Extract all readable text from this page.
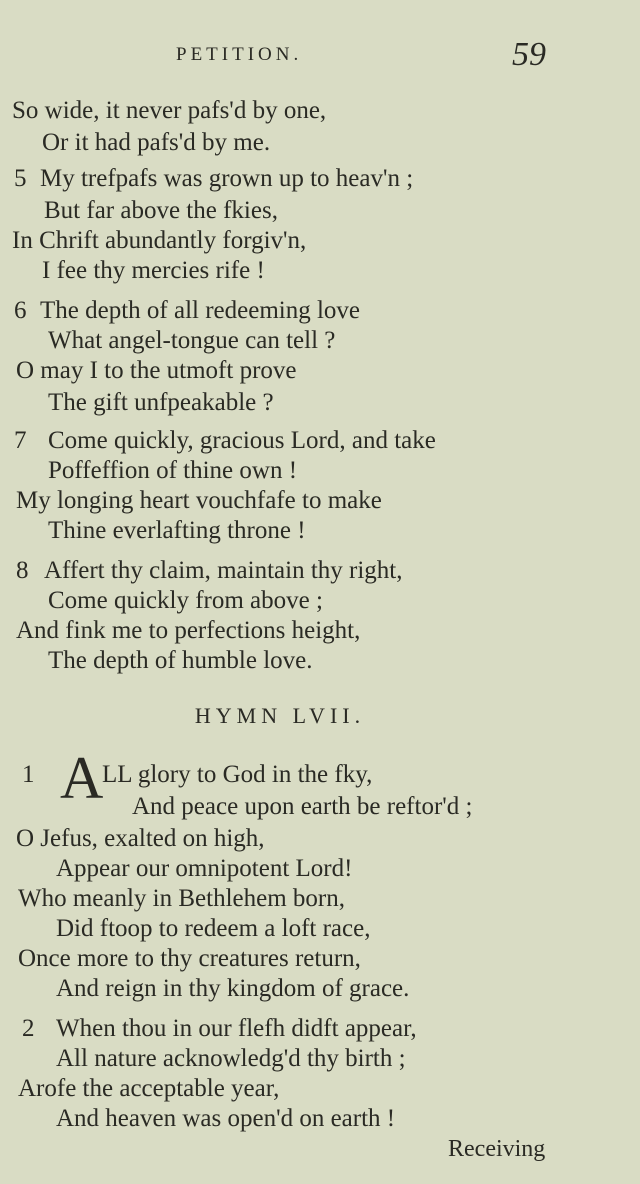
PETITION.	59
So wide, it never pafs'd by one,
Or it had pafs'd by me.
5 My trefpafs was grown up to heav'n ;
But far above the fkies,
In Chrift abundantly forgiv'n,
I fee thy mercies rife !
6 The depth of all redeeming love
What angel-tongue can tell ?
O may I to the utmoft prove
The gift unfpeakable ?
7 Come quickly, gracious Lord, and take
Poffeffion of thine own !
My longing heart vouchfafe to make
Thine everlafting throne !
8 Affert thy claim, maintain thy right,
Come quickly from above ;
And fink me to perfections height,
The depth of humble love.
HYMN LVII.
1 A
LL glory to God in the fky,
And peace upon earth be reftor'd ;
O Jefus, exalted on high,
Appear our omnipotent Lord!
Who meanly in Bethlehem born,
Did ftoop to redeem a loft race,
Once more to thy creatures return,
And reign in thy kingdom of grace.
2 When thou in our flefh didft appear,
All nature acknowledg'd thy birth ;
Arofe the acceptable year,
And heaven was open'd on earth !
Receiving
